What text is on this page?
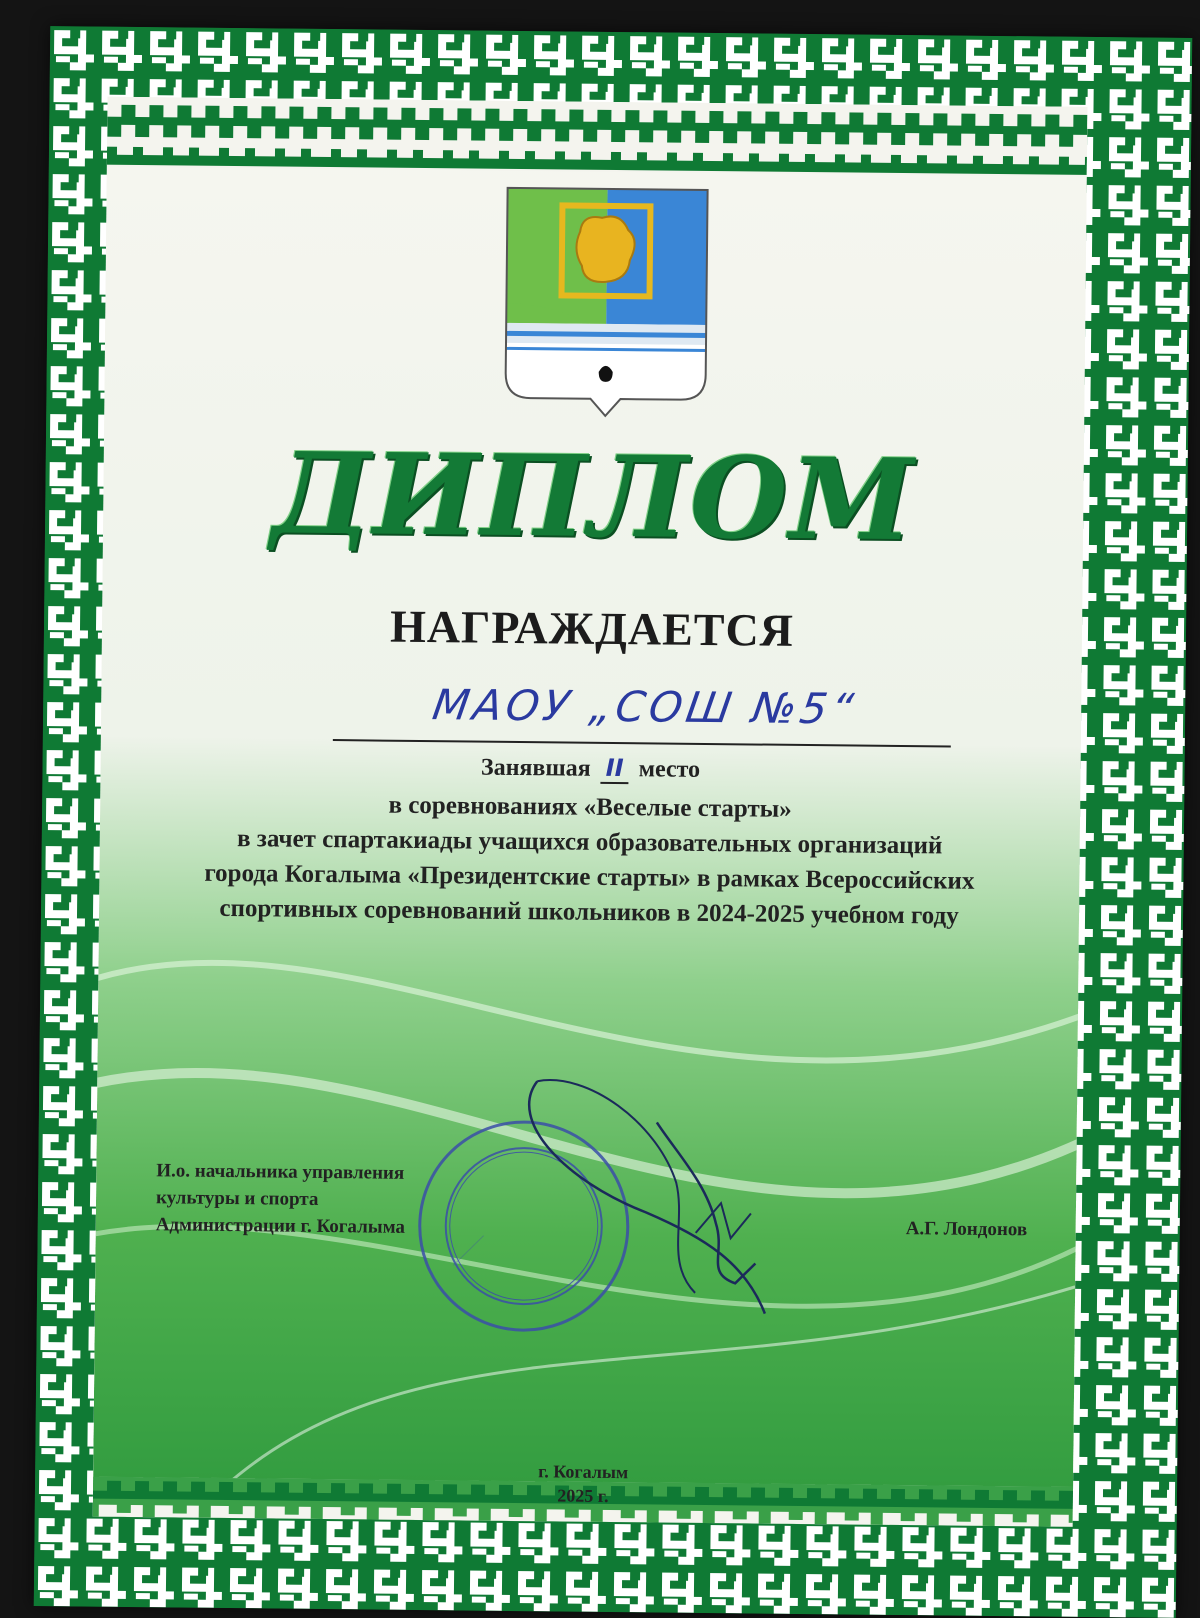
ДИПЛОМ
НАГРАЖДАЕТСЯ
МАОУ „СОШ №5“
Занявшая II место
в соревнованиях «Веселые старты»
в зачет спартакиады учащихся образовательных организаций
города Когалыма «Президентские старты» в рамках Всероссийских
спортивных соревнований школьников в 2024-2025 учебном году
И.о. начальника управления
культуры и спорта
Администрации г. Когалыма	А.Г. Лондонов
г. Когалым
2025 г.
